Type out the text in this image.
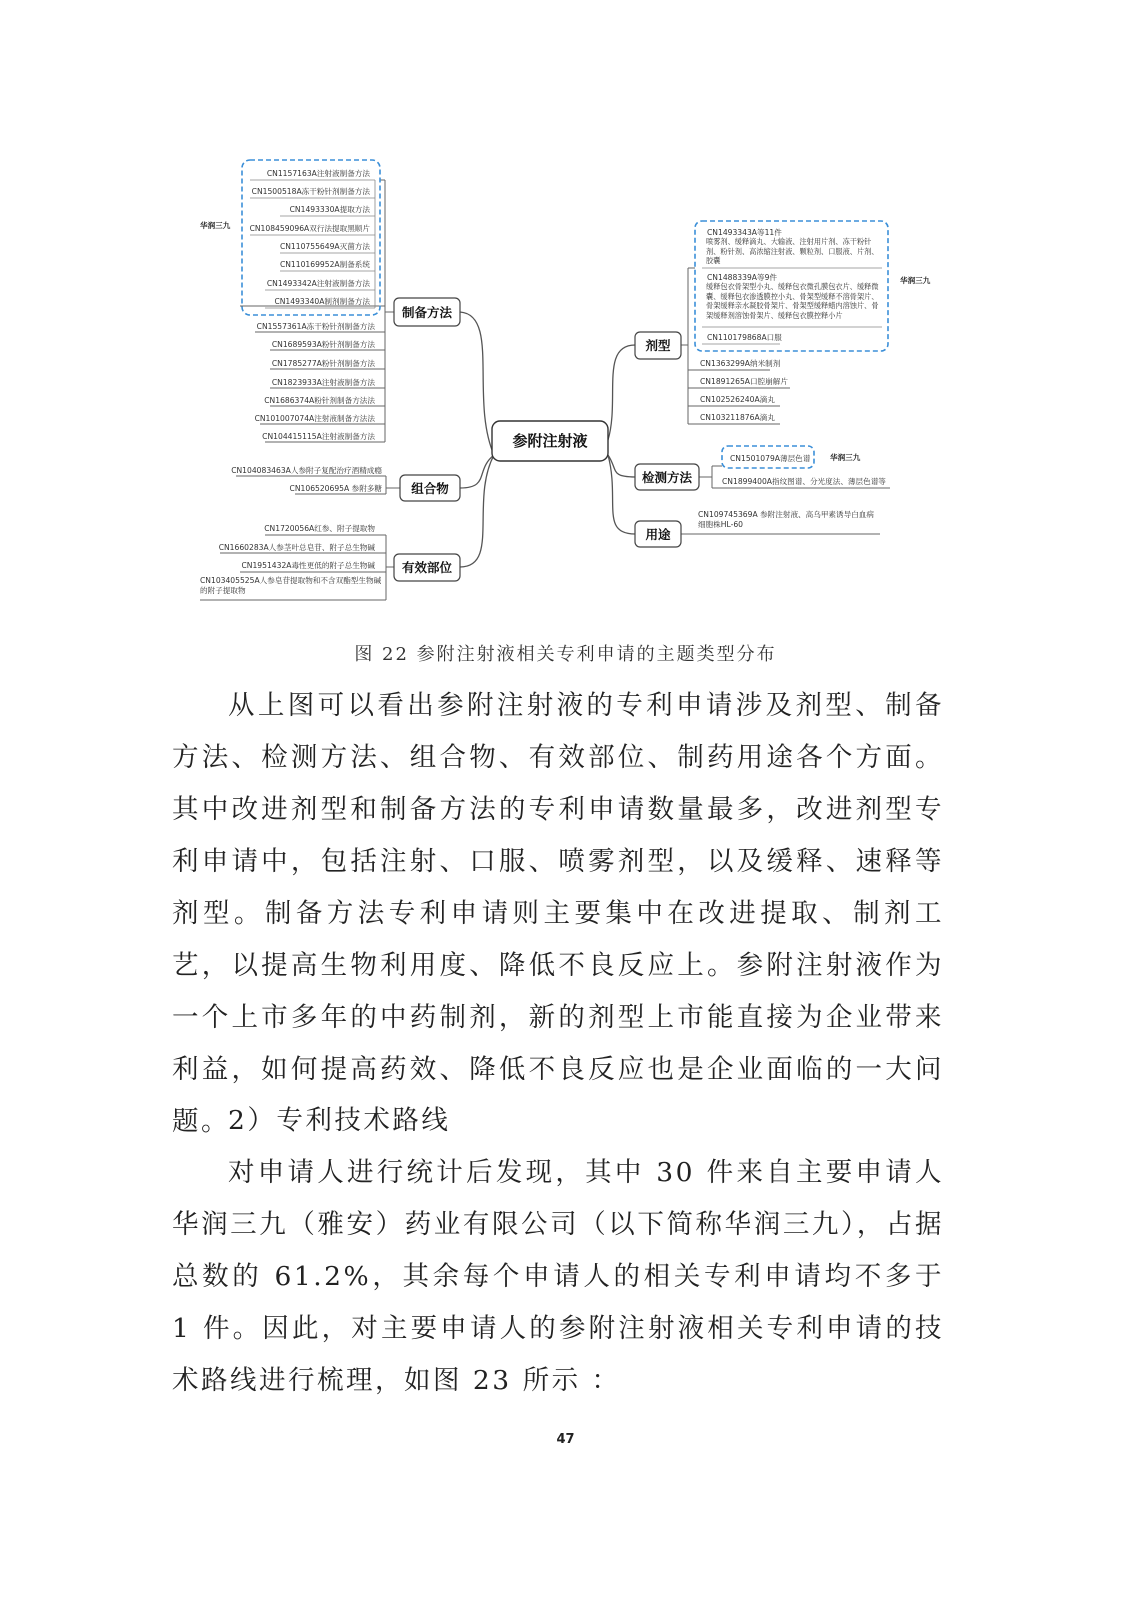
参附注射液
制备方法
组合物
有效部位
剂型
检测方法
用途
华润三九
华润三九
华润三九
CN1157163A注射液制备方法
CN1500518A冻干粉针剂制备方法
CN1493330A提取方法
CN108459096A双行法提取黑顺片
CN110755649A灭菌方法
CN110169952A制备系统
CN1493342A注射液制备方法
CN1493340A制剂制备方法
CN1557361A冻干粉针剂制备方法
CN1689593A粉针剂制备方法
CN1785277A粉针剂制备方法
CN1823933A注射液制备方法
CN1686374A粉针剂制备方法法
CN101007074A注射液制备方法法
CN104415115A注射液制备方法
CN104083463A人参附子复配治疗酒精成瘾
CN106520695A 参附多糖
CN1720056A红参、附子提取物
CN1660283A人参茎叶总皂苷、附子总生物碱
CN1951432A毒性更低的附子总生物碱
CN103405525A人参皂苷提取物和不含双酯型生物碱的附子提取物
CN1493343A等11件
喷雾剂、缓释滴丸、大输液、注射用片剂、冻干粉针剂、粉针剂、高浓缩注射液、颗粒剂、口服液、片剂、胶囊
CN1488339A等9件
缓释包衣骨架型小丸、缓释包衣微孔膜包衣片、缓释微囊、缓释包衣渗透膜控小丸、骨架型缓释不溶骨架片、骨架缓释亲水凝胶骨架片、骨架型缓释蜡内溶蚀片、骨架缓释剂溶蚀骨架片、缓释包衣膜控释小片
CN110179868A口服
CN1363299A纳米制剂
CN1891265A口腔崩解片
CN102526240A滴丸
CN103211876A滴丸
CN1501079A薄层色谱
CN1899400A指纹图谱、分光度法、薄层色谱等
CN109745369A 参附注射液、高乌甲素诱导白血病细胞株HL-60
图 22 参附注射液相关专利申请的主题类型分布

从上图可以看出参附注射液的专利申请涉及剂型、制备方法、检测方法、组合物、有效部位、制药用途各个方面。其中改进剂型和制备方法的专利申请数量最多，改进剂型专利申请中，包括注射、口服、喷雾剂型，以及缓释、速释等剂型。制备方法专利申请则主要集中在改进提取、制剂工艺，以提高生物利用度、降低不良反应上。参附注射液作为一个上市多年的中药制剂，新的剂型上市能直接为企业带来利益，如何提高药效、降低不良反应也是企业面临的一大问题。

2）专利技术路线

对申请人进行统计后发现，其中 30 件来自主要申请人华润三九（雅安）药业有限公司（以下简称华润三九），占据总数的 61.2%，其余每个申请人的相关专利申请均不多于 1 件。因此，对主要申请人的参附注射液相关专利申请的技术路线进行梳理，如图 23 所示 ：

47
